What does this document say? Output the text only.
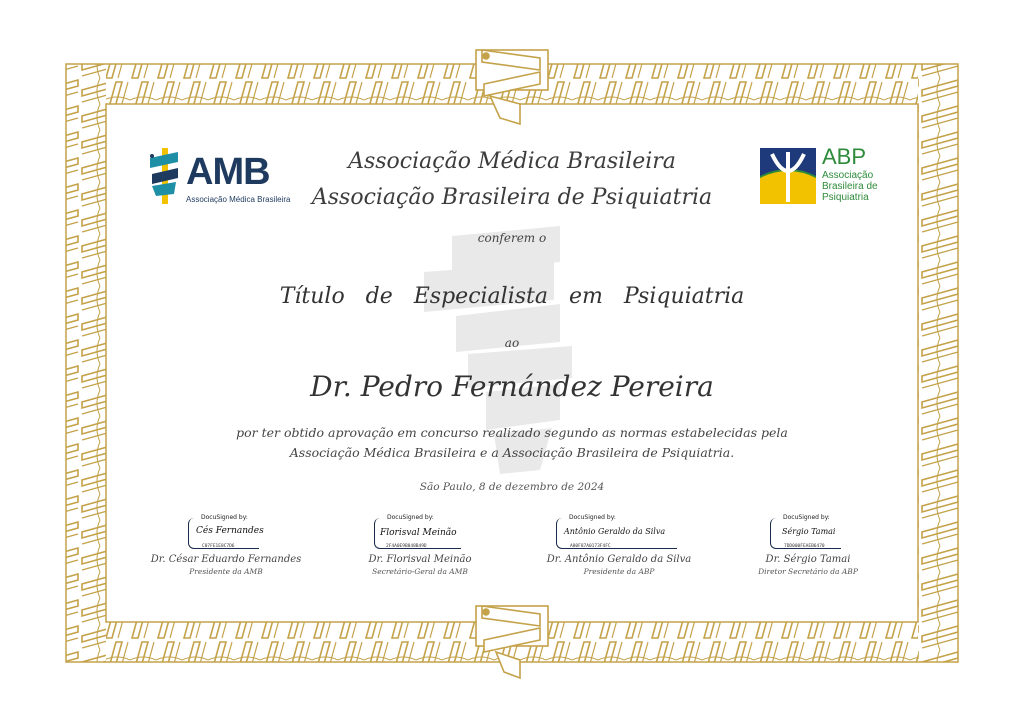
AMB
Associação Médica Brasileira
ABP
Associação
Brasileira de
Psiquiatria
Associação Médica Brasileira
Associação Brasileira de Psiquiatria
conferem o
Título   de   Especialista   em   Psiquiatria
ao
Dr. Pedro Fernández Pereira
por ter obtido aprovação em concurso realizado segundo as normas estabelecidas pela
Associação Médica Brasileira e a Associação Brasileira de Psiquiatria.
São Paulo, 8 de dezembro de 2024
DocuSigned by:
Cés Fernandes
C07FE1E8C7D6
Dr. César Eduardo Fernandes
Presidente da AMB
DocuSigned by:
Florisval Meinão
2F4A0E9B848B49D
Dr. Florisval Meinão
Secretário-Geral da AMB
DocuSigned by:
Antônio Geraldo da Silva
A80F87A0173F4FC
Dr. Antônio Geraldo da Silva
Presidente da ABP
DocuSigned by:
Sérgio Tamai
7DD000FEAEB6470
Dr. Sérgio Tamai
Diretor Secretário da ABP
